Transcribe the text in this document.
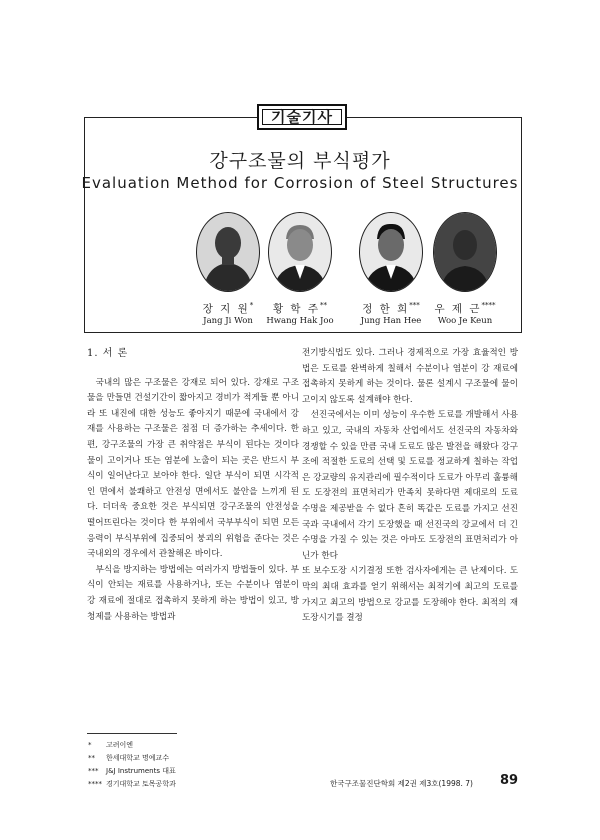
기술기사
강구조물의 부식평가
Evaluation Method for Corrosion of Steel Structures
장 지 원*
Jang Ji Won
황 학 주**
Hwang Hak Joo
정 한 희***
Jung Han Hee
우 제 근****
Woo Je Keun

1. 서 론

국내의 많은 구조물은 강재로 되어 있다. 강재로 구조물을 만들면 건설기간이 짧아지고 경비가 적게들 뿐 아니라 또 내진에 대한 성능도 좋아지기 때문에 국내에서 강재를 사용하는 구조물은 점점 더 증가하는 추세이다. 한편, 강구조물의 가장 큰 취약점은 부식이 된다는 것이다 물이 고이거나 또는 염분에 노출이 되는 곳은 반드시 부식이 일어난다고 보아야 한다. 일단 부식이 되면 시각적인 면에서 불쾌하고 안전성 면에서도 불안을 느끼게 된다. 더더욱 중요한 것은 부식되면 강구조물의 안전성을 떨어뜨린다는 것이다 한 부위에서 국부부식이 되면 모든 응력이 부식부위에 집중되어 붕괴의 위험을 준다는 것은 국내외의 경우에서 관찰해온 바이다.

부식을 방지하는 방법에는 여러가지 방법들이 있다. 부식이 안되는 재료를 사용하거나, 또는 수분이나 염분이 강 재료에 절대로 접촉하지 못하게 하는 방법이 있고, 방청제를 사용하는 방법과

전기방식법도 있다. 그러나 경제적으로 가장 효율적인 방법은 도료를 완벽하게 칠해서 수분이나 염분이 강 재료에 접촉하지 못하게 하는 것이다. 물론 설계시 구조물에 물이 고이지 않도록 설계해야 한다.

선진국에서는 이미 성능이 우수한 도료를 개발해서 사용하고 있고, 국내의 자동차 산업에서도 선진국의 자동차와 경쟁할 수 있을 만큼 국내 도료도 많은 발전을 해왔다 강구조에 적절한 도료의 선택 및 도료를 정교하게 칠하는 작업은 강교량의 유지관리에 필수적이다 도료가 아무리 훌륭해도 도장전의 표면처리가 만족치 못하다면 제대로의 도료 수명을 제공받을 수 없다 흔히 똑같은 도료를 가지고 선진국과 국내에서 각기 도장했을 때 선진국의 강교에서 더 긴 수명을 가질 수 있는 것은 아마도 도장전의 표면처리가 아닌가 한다

또 보수도장 시기결정 또한 검사자에게는 큰 난제이다. 도막의 최대 효과를 얻기 위해서는 최적기에 최고의 도료를 가지고 최고의 방법으로 강교를 도장해야 한다. 최적의 재도장시기를 결정

* 고려이엔
** 한세대학교 명예교수
*** J&J Instruments 대표
**** 경기대학교 토목공학과	한국구조물진단학회 제2권 제3호(1998. 7) 89
